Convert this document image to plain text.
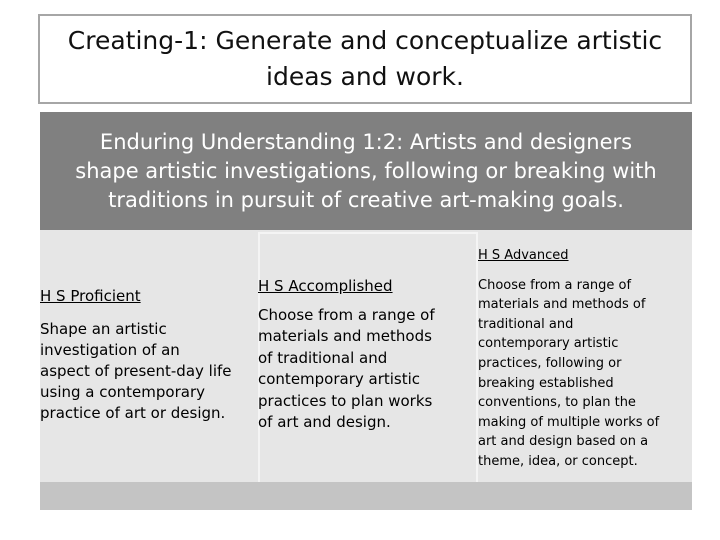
Creating-1: Generate and conceptualize artistic
ideas and work.
Enduring Understanding 1:2: Artists and designers
shape artistic investigations, following or breaking with
traditions in pursuit of creative art-making goals.
H S Proficient
Shape an artistic
investigation of an
aspect of present-day life
using a contemporary
practice of art or design.
H S Accomplished
Choose from a range of
materials and methods
of traditional and
contemporary artistic
practices to plan works
of art and design.
H S Advanced
Choose from a range of
materials and methods of
traditional and
contemporary artistic
practices, following or
breaking established
conventions, to plan the
making of multiple works of
art and design based on a
theme, idea, or concept.
